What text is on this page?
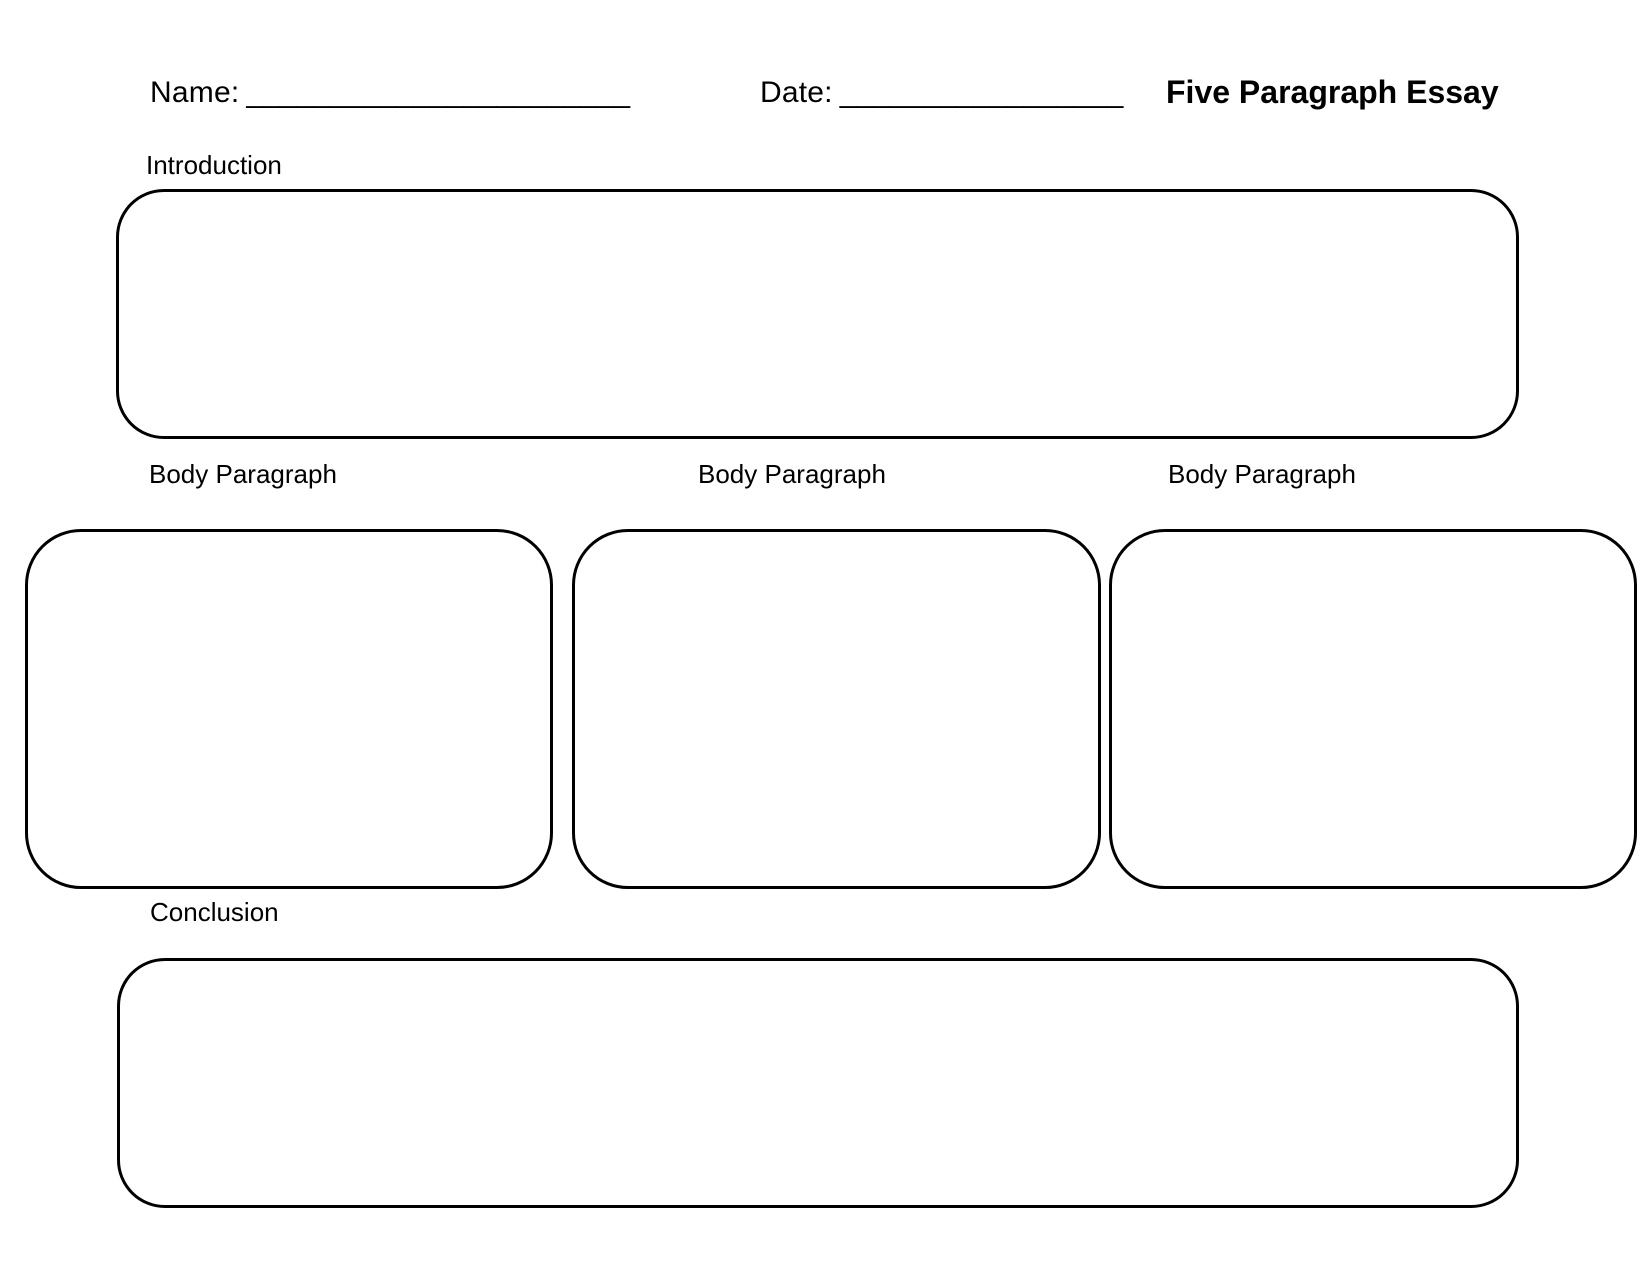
Name: _______________________	Date: _________________ Five Paragraph Essay
Introduction
Body Paragraph	Body Paragraph	Body Paragraph
Conclusion
